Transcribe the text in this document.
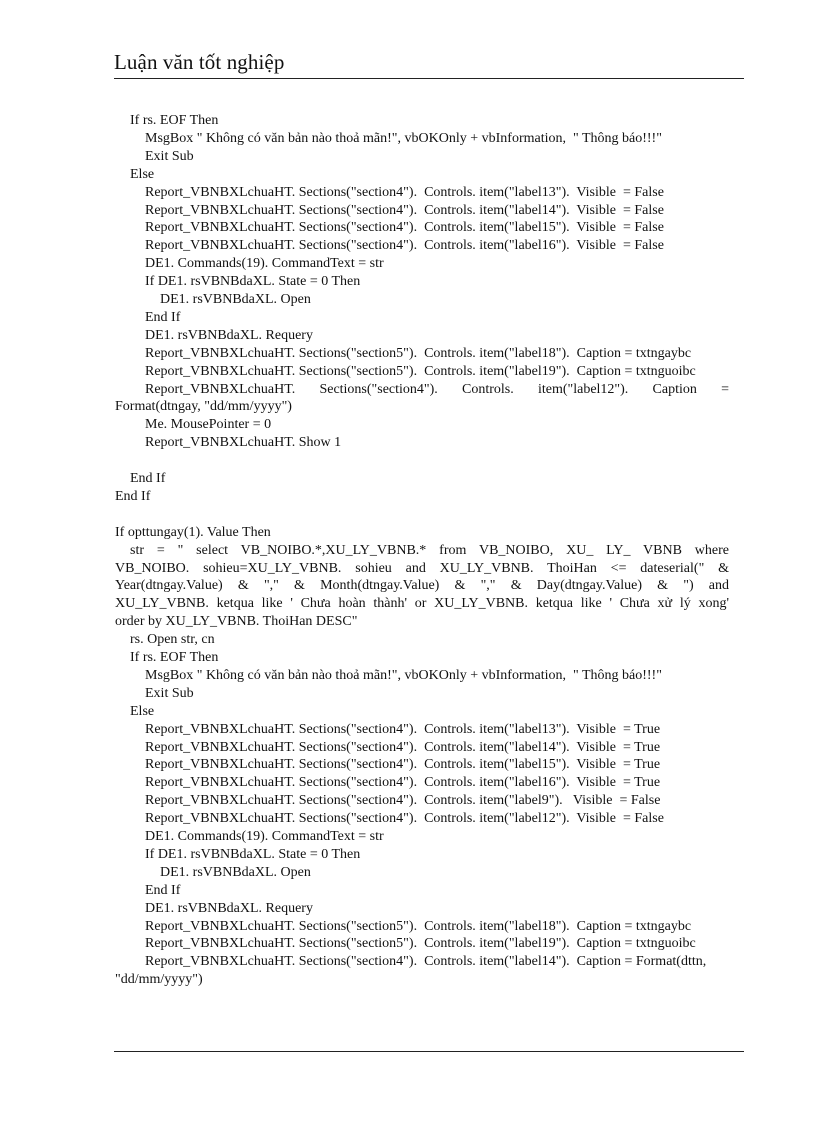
Luận văn tốt nghiệp
If rs. EOF Then
MsgBox " Không có văn bản nào thoả mãn!", vbOKOnly + vbInformation,  " Thông báo!!!"
Exit Sub
Else
Report_VBNBXLchuaHT. Sections("section4").  Controls. item("label13").  Visible  = False
Report_VBNBXLchuaHT. Sections("section4").  Controls. item("label14").  Visible  = False
Report_VBNBXLchuaHT. Sections("section4").  Controls. item("label15").  Visible  = False
Report_VBNBXLchuaHT. Sections("section4").  Controls. item("label16").  Visible  = False
DE1. Commands(19). CommandText = str
If DE1. rsVBNBdaXL. State = 0 Then
DE1. rsVBNBdaXL. Open
End If
DE1. rsVBNBdaXL. Requery
Report_VBNBXLchuaHT. Sections("section5").  Controls. item("label18").  Caption = txtngaybc
Report_VBNBXLchuaHT. Sections("section5").  Controls. item("label19").  Caption = txtnguoibc
Report_VBNBXLchuaHT. Sections("section4"). Controls. item("label12"). Caption =
Format(dtngay, "dd/mm/yyyy")
Me. MousePointer = 0
Report_VBNBXLchuaHT. Show 1
End If
End If
If opttungay(1). Value Then
str = " select VB_NOIBO.*,XU_LY_VBNB.* from VB_NOIBO, XU_ LY_ VBNB where
VB_NOIBO. sohieu=XU_LY_VBNB. sohieu and XU_LY_VBNB. ThoiHan <= dateserial(" &
Year(dtngay.Value) & "," & Month(dtngay.Value) & "," & Day(dtngay.Value) & ") and
XU_LY_VBNB. ketqua like ' Chưa hoàn thành' or XU_LY_VBNB. ketqua like ' Chưa xử lý xong'
order by XU_LY_VBNB. ThoiHan DESC"
rs. Open str, cn
If rs. EOF Then
MsgBox " Không có văn bản nào thoả mãn!", vbOKOnly + vbInformation,  " Thông báo!!!"
Exit Sub
Else
Report_VBNBXLchuaHT. Sections("section4").  Controls. item("label13").  Visible  = True
Report_VBNBXLchuaHT. Sections("section4").  Controls. item("label14").  Visible  = True
Report_VBNBXLchuaHT. Sections("section4").  Controls. item("label15").  Visible  = True
Report_VBNBXLchuaHT. Sections("section4").  Controls. item("label16").  Visible  = True
Report_VBNBXLchuaHT. Sections("section4").  Controls. item("label9").   Visible  = False
Report_VBNBXLchuaHT. Sections("section4").  Controls. item("label12").  Visible  = False
DE1. Commands(19). CommandText = str
If DE1. rsVBNBdaXL. State = 0 Then
DE1. rsVBNBdaXL. Open
End If
DE1. rsVBNBdaXL. Requery
Report_VBNBXLchuaHT. Sections("section5").  Controls. item("label18").  Caption = txtngaybc
Report_VBNBXLchuaHT. Sections("section5").  Controls. item("label19").  Caption = txtnguoibc
Report_VBNBXLchuaHT. Sections("section4").  Controls. item("label14").  Caption = Format(dttn,
"dd/mm/yyyy")
